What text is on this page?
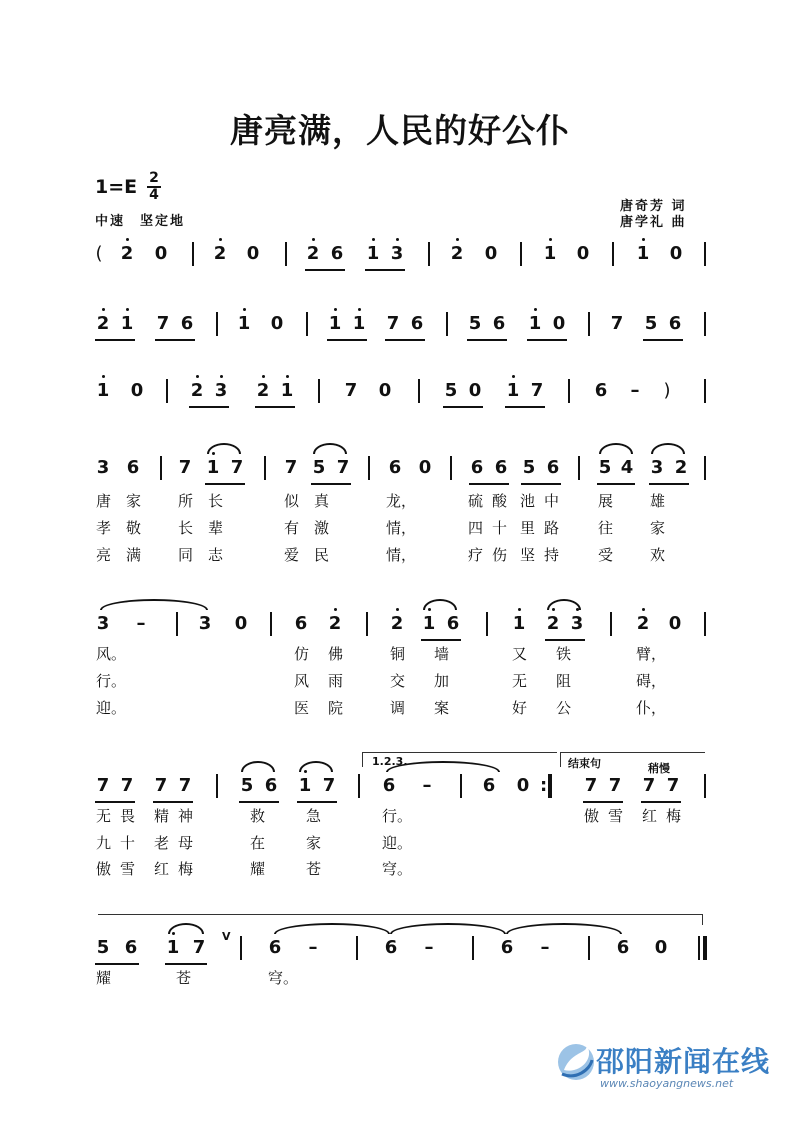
唐亮满，人民的好公仆
1=E 2
4
中速　坚定地
唐奇芳 词
唐学礼 曲
( 2 0	2 0	2 6 1 3	2 0	1 0	1 0
2 1 7 6 1 0	1 1 7 6	5 6 1 0	7 5 6
1 0	2 3 2 1	7 0	5 0 1 7	6 – )
3 6 7 1 7 7 5 7 6 0 6 6 5 6 5 4 3 2
唐 家 所 长	似 真	龙，	硫 酸 池 中	展 雄
孝 敬 长 辈	有 激	情，	四 十 里 路	往 家
亮 满 同 志	爱 民	情，	疗 伤 坚 持	受 欢
3 –	3 0	6 2	2 1 6	1 2 3	2 0
风。	仿 佛	铜 墙	又 铁	臂，
行。	风 雨	交 加	无 阻	碍，
迎。	医 院	调 案	好 公	仆，
1.2.3.	结束句	稍慢
7 7 7 7	5 6 1 7	6 –	6 0 : 7 7 7 7
无 畏 精 神	救	急	行。	傲 雪 红 梅
九 十 老 母	在	家	迎。
傲 雪 红 梅	耀	苍	穹。
5 6 1 7
V
6 –	6 –	6 –	6 0
耀	苍	穹。
邵阳新闻在线
www.shaoyangnews.net
